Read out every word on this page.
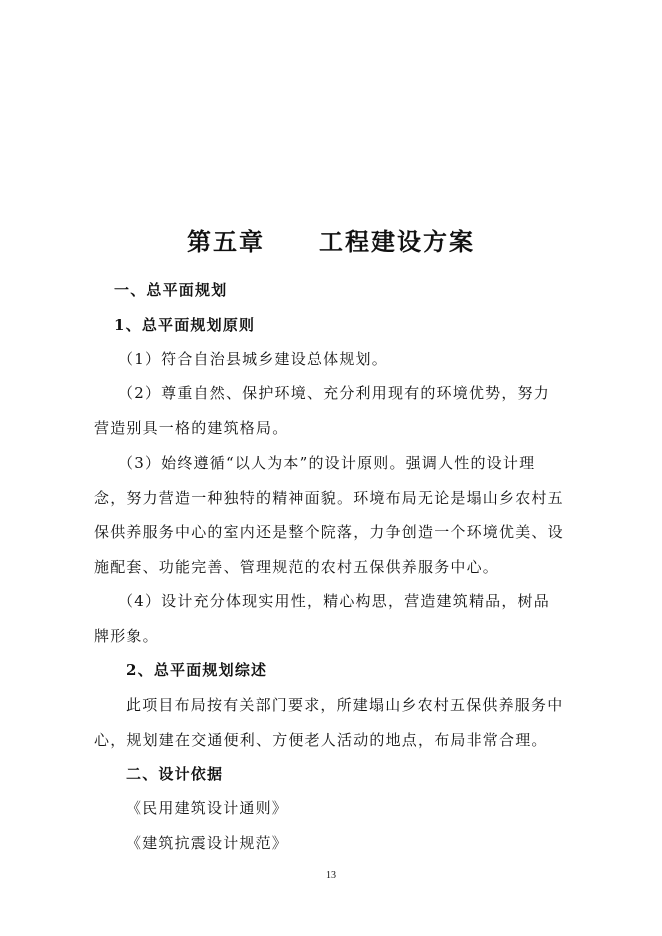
第五章 工程建设方案
一、总平面规划
1、总平面规划原则
（1）符合自治县城乡建设总体规划。
（2）尊重自然、保护环境、充分利用现有的环境优势，努力
营造别具一格的建筑格局。
（3）始终遵循“以人为本”的设计原则。强调人性的设计理
念，努力营造一种独特的精神面貌。环境布局无论是塌山乡农村五
保供养服务中心的室内还是整个院落，力争创造一个环境优美、设
施配套、功能完善、管理规范的农村五保供养服务中心。
（4）设计充分体现实用性，精心构思，营造建筑精品，树品
牌形象。
2、总平面规划综述
此项目布局按有关部门要求，所建塌山乡农村五保供养服务中
心，规划建在交通便利、方便老人活动的地点，布局非常合理。
二、设计依据
《民用建筑设计通则》
《建筑抗震设计规范》
13
